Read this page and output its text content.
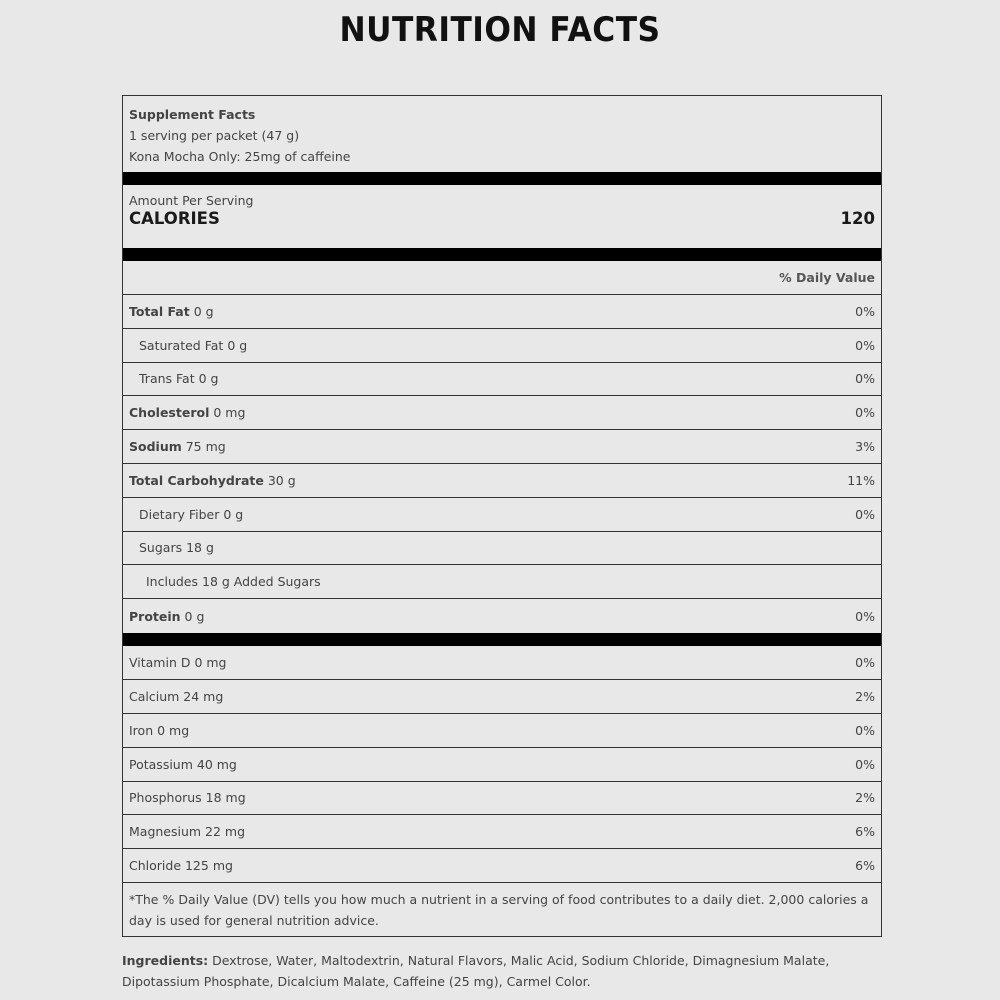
NUTRITION FACTS
Supplement Facts
1 serving per packet (47 g)
Kona Mocha Only: 25mg of caffeine
Amount Per Serving
CALORIES	120
% Daily Value
Total Fat 0 g	0%
Saturated Fat 0 g	0%
Trans Fat 0 g	0%
Cholesterol 0 mg	0%
Sodium 75 mg	3%
Total Carbohydrate 30 g	11%
Dietary Fiber 0 g	0%
Sugars 18 g
Includes 18 g Added Sugars
Protein 0 g	0%
Vitamin D 0 mg	0%
Calcium 24 mg	2%
Iron 0 mg	0%
Potassium 40 mg	0%
Phosphorus 18 mg	2%
Magnesium 22 mg	6%
Chloride 125 mg	6%
*The % Daily Value (DV) tells you how much a nutrient in a serving of food contributes to a daily diet. 2,000 calories a day is used for general nutrition advice.
Ingredients: Dextrose, Water, Maltodextrin, Natural Flavors, Malic Acid, Sodium Chloride, Dimagnesium Malate, Dipotassium Phosphate, Dicalcium Malate, Caffeine (25 mg), Carmel Color.
